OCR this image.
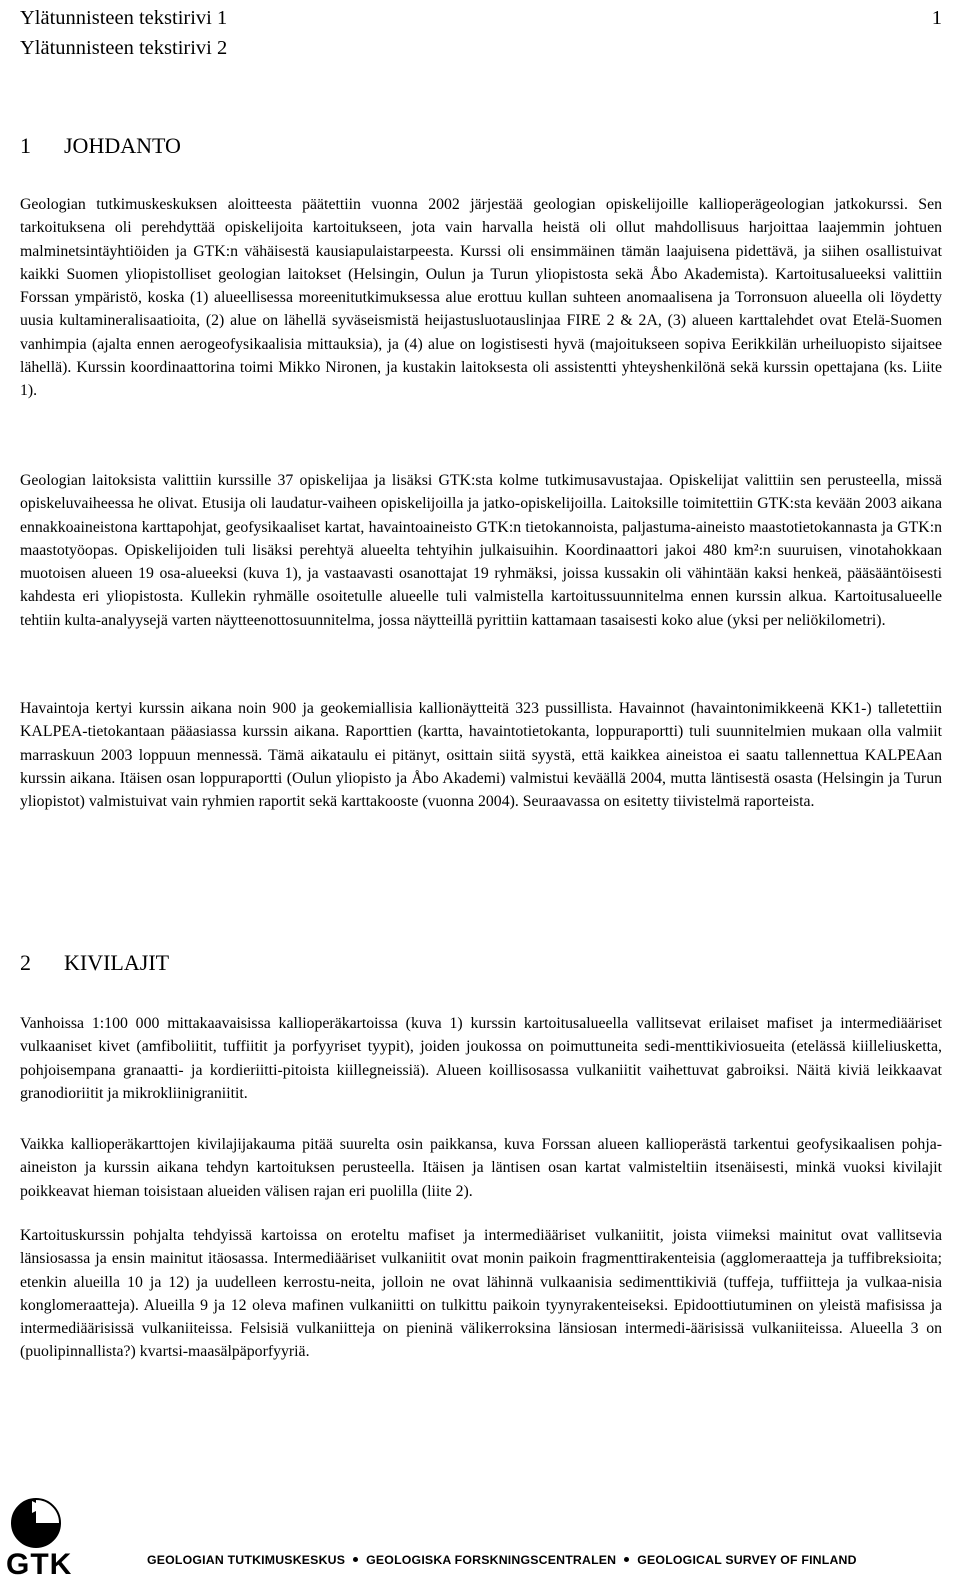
Ylätunnisteen tekstirivi 1
Ylätunnisteen tekstirivi 2
1
1 JOHDANTO

Geologian tutkimuskeskuksen aloitteesta päätettiin vuonna 2002 järjestää geologian opiskelijoille kallioperägeologian jatkokurssi. Sen tarkoituksena oli perehdyttää opiskelijoita kartoitukseen, jota vain harvalla heistä oli ollut mahdollisuus harjoittaa laajemmin johtuen malminetsintäyhtiöiden ja GTK:n vähäisestä kausiapulaistarpeesta. Kurssi oli ensimmäinen tämän laajuisena pidettävä, ja siihen osallistuivat kaikki Suomen yliopistolliset geologian laitokset (Helsingin, Oulun ja Turun yliopistosta sekä Åbo Akademista). Kartoitusalueeksi valittiin Forssan ympäristö, koska (1) alueellisessa moreenitutkimuksessa alue erottuu kullan suhteen anomaalisena ja Torronsuon alueella oli löydetty uusia kultamineralisaatioita, (2) alue on lähellä syväseismistä heijastusluotauslinjaa FIRE 2 & 2A, (3) alueen karttalehdet ovat Etelä-Suomen vanhimpia (ajalta ennen aerogeofysikaalisia mittauksia), ja (4) alue on logistisesti hyvä (majoitukseen sopiva Eerikkilän urheiluopisto sijaitsee lähellä). Kurssin koordinaattorina toimi Mikko Nironen, ja kustakin laitoksesta oli assistentti yhteyshenkilönä sekä kurssin opettajana (ks. Liite 1).

Geologian laitoksista valittiin kurssille 37 opiskelijaa ja lisäksi GTK:sta kolme tutkimusavustajaa. Opiskelijat valittiin sen perusteella, missä opiskeluvaiheessa he olivat. Etusija oli laudatur-vaiheen opiskelijoilla ja jatko-opiskelijoilla. Laitoksille toimitettiin GTK:sta kevään 2003 aikana ennakkoaineistona karttapohjat, geofysikaaliset kartat, havaintoaineisto GTK:n tietokannoista, paljastuma-aineisto maastotietokannasta ja GTK:n maastotyöopas. Opiskelijoiden tuli lisäksi perehtyä alueelta tehtyihin julkaisuihin. Koordinaattori jakoi 480 km²:n suuruisen, vinotahokkaan muotoisen alueen 19 osa-alueeksi (kuva 1), ja vastaavasti osanottajat 19 ryhmäksi, joissa kussakin oli vähintään kaksi henkeä, pääsääntöisesti kahdesta eri yliopistosta. Kullekin ryhmälle osoitetulle alueelle tuli valmistella kartoitussuunnitelma ennen kurssin alkua. Kartoitusalueelle tehtiin kulta-analyysejä varten näytteenottosuunnitelma, jossa näytteillä pyrittiin kattamaan tasaisesti koko alue (yksi per neliökilometri).

Havaintoja kertyi kurssin aikana noin 900 ja geokemiallisia kallionäytteitä 323 pussillista. Havainnot (havaintonimikkeenä KK1-) talletettiin KALPEA-tietokantaan pääasiassa kurssin aikana. Raporttien (kartta, havaintotietokanta, loppuraportti) tuli suunnitelmien mukaan olla valmiit marraskuun 2003 loppuun mennessä. Tämä aikataulu ei pitänyt, osittain siitä syystä, että kaikkea aineistoa ei saatu tallennettua KALPEAan kurssin aikana. Itäisen osan loppuraportti (Oulun yliopisto ja Åbo Akademi) valmistui keväällä 2004, mutta läntisestä osasta (Helsingin ja Turun yliopistot) valmistuivat vain ryhmien raportit sekä karttakooste (vuonna 2004). Seuraavassa on esitetty tiivistelmä raporteista.

2 KIVILAJIT

Vanhoissa 1:100 000 mittakaavaisissa kallioperäkartoissa (kuva 1) kurssin kartoitusalueella vallitsevat erilaiset mafiset ja intermediääriset vulkaaniset kivet (amfiboliitit, tuffiitit ja porfyyriset tyypit), joiden joukossa on poimuttuneita sedi-menttikiviosueita (etelässä kiilleliusketta, pohjoisempana granaatti- ja kordieriitti-pitoista kiillegneissiä). Alueen koillisosassa vulkaniitit vaihettuvat gabroiksi. Näitä kiviä leikkaavat granodioriitit ja mikrokliinigraniitit.

Vaikka kallioperäkarttojen kivilajijakauma pitää suurelta osin paikkansa, kuva Forssan alueen kallioperästä tarkentui geofysikaalisen pohja-aineiston ja kurssin aikana tehdyn kartoituksen perusteella. Itäisen ja läntisen osan kartat valmisteltiin itsenäisesti, minkä vuoksi kivilajit poikkeavat hieman toisistaan alueiden välisen rajan eri puolilla (liite 2).

Kartoituskurssin pohjalta tehdyissä kartoissa on eroteltu mafiset ja intermediääriset vulkaniitit, joista viimeksi mainitut ovat vallitsevia länsiosassa ja ensin mainitut itäosassa. Intermediääriset vulkaniitit ovat monin paikoin fragmenttirakenteisia (agglomeraatteja ja tuffibreksioita; etenkin alueilla 10 ja 12) ja uudelleen kerrostu-neita, jolloin ne ovat lähinnä vulkaanisia sedimenttikiviä (tuffeja, tuffiitteja ja vulkaa-nisia konglomeraatteja). Alueilla 9 ja 12 oleva mafinen vulkaniitti on tulkittu paikoin tyynyrakenteiseksi. Epidoottiutuminen on yleistä mafisissa ja intermediäärisissä vulkaniiteissa. Felsisiä vulkaniitteja on pieninä välikerroksina länsiosan intermedi-äärisissä vulkaniiteissa. Alueella 3 on (puolipinnallista?) kvartsi-maasälpäporfyyriä.

GTK	GEOLOGIAN TUTKIMUSKESKUS GEOLOGISKA FORSKNINGSCENTRALEN GEOLOGICAL SURVEY OF FINLAND
